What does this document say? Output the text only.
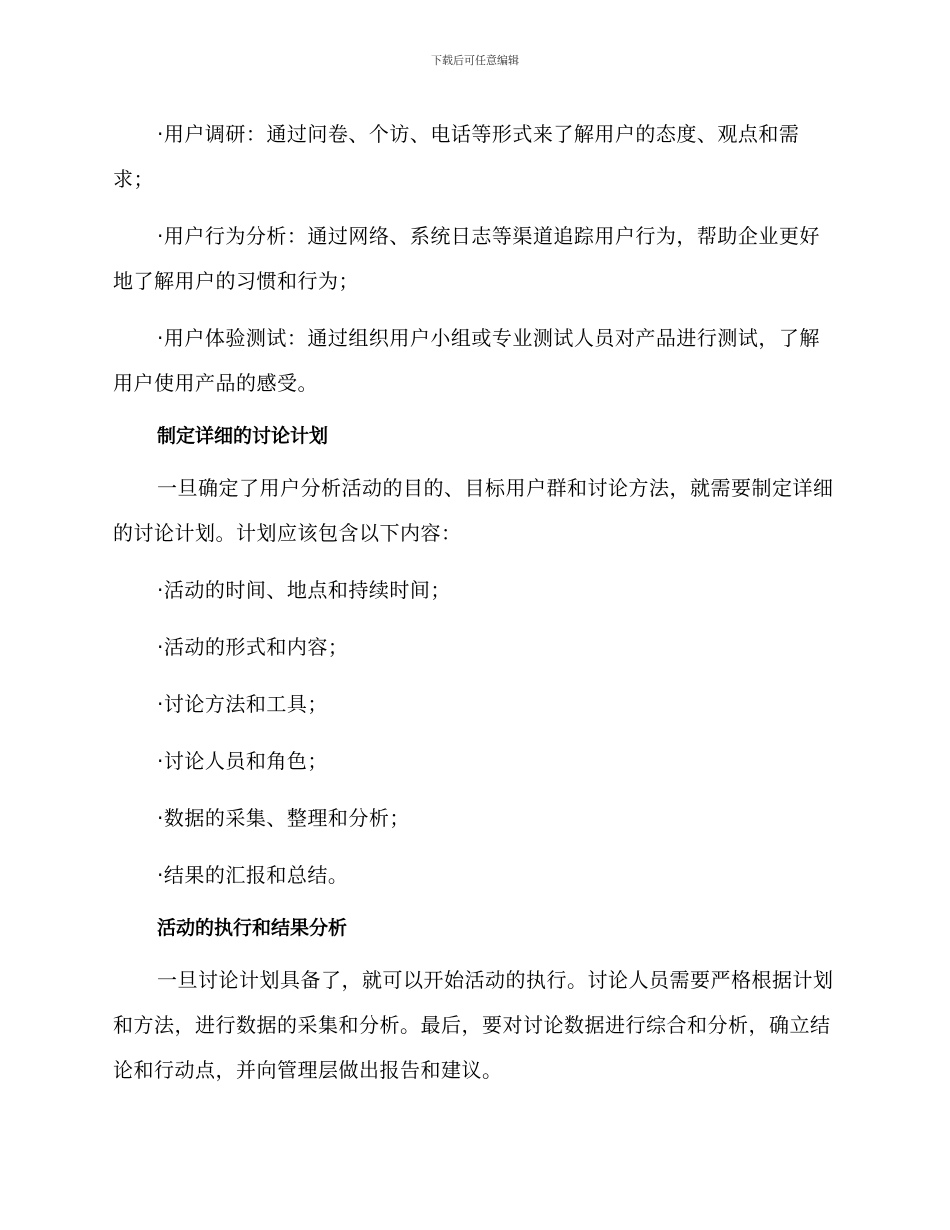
下载后可任意编辑

·用户调研：通过问卷、个访、电话等形式来了解用户的态度、观点和需求；

·用户行为分析：通过网络、系统日志等渠道追踪用户行为，帮助企业更好地了解用户的习惯和行为；

·用户体验测试：通过组织用户小组或专业测试人员对产品进行测试，了解用户使用产品的感受。

制定详细的讨论计划

一旦确定了用户分析活动的目的、目标用户群和讨论方法，就需要制定详细的讨论计划。计划应该包含以下内容：

·活动的时间、地点和持续时间；

·活动的形式和内容；

·讨论方法和工具；

·讨论人员和角色；

·数据的采集、整理和分析；

·结果的汇报和总结。

活动的执行和结果分析

一旦讨论计划具备了，就可以开始活动的执行。讨论人员需要严格根据计划和方法，进行数据的采集和分析。最后，要对讨论数据进行综合和分析，确立结论和行动点，并向管理层做出报告和建议。
